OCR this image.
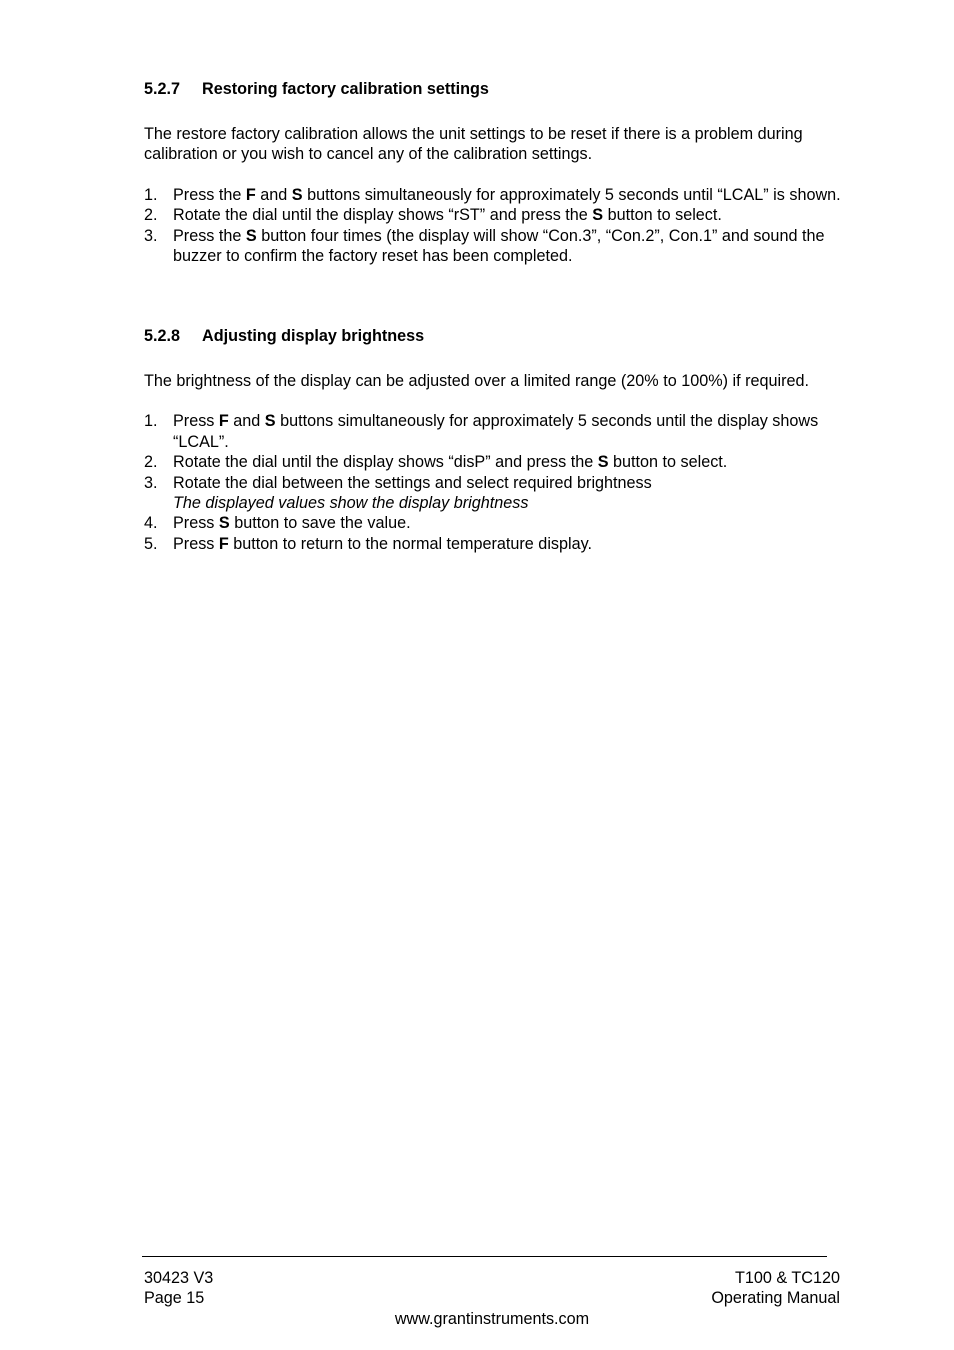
5.2.7 Restoring factory calibration settings

The restore factory calibration allows the unit settings to be reset if there is a problem during calibration or you wish to cancel any of the calibration settings.

1. Press the F and S buttons simultaneously for approximately 5 seconds until “LCAL” is shown.
2. Rotate the dial until the display shows “rST” and press the S button to select.
3. Press the S button four times (the display will show “Con.3”, “Con.2”, Con.1” and sound the buzzer to confirm the factory reset has been completed.
5.2.8 Adjusting display brightness

The brightness of the display can be adjusted over a limited range (20% to 100%) if required.

1. Press F and S buttons simultaneously for approximately 5 seconds until the display shows “LCAL”.
2. Rotate the dial until the display shows “disP” and press the S button to select.
3. Rotate the dial between the settings and select required brightness
The displayed values show the display brightness
4. Press S button to save the value.
5. Press F button to return to the normal temperature display.
30423 V3
Page 15
T100 & TC120
Operating Manual
www.grantinstruments.com
